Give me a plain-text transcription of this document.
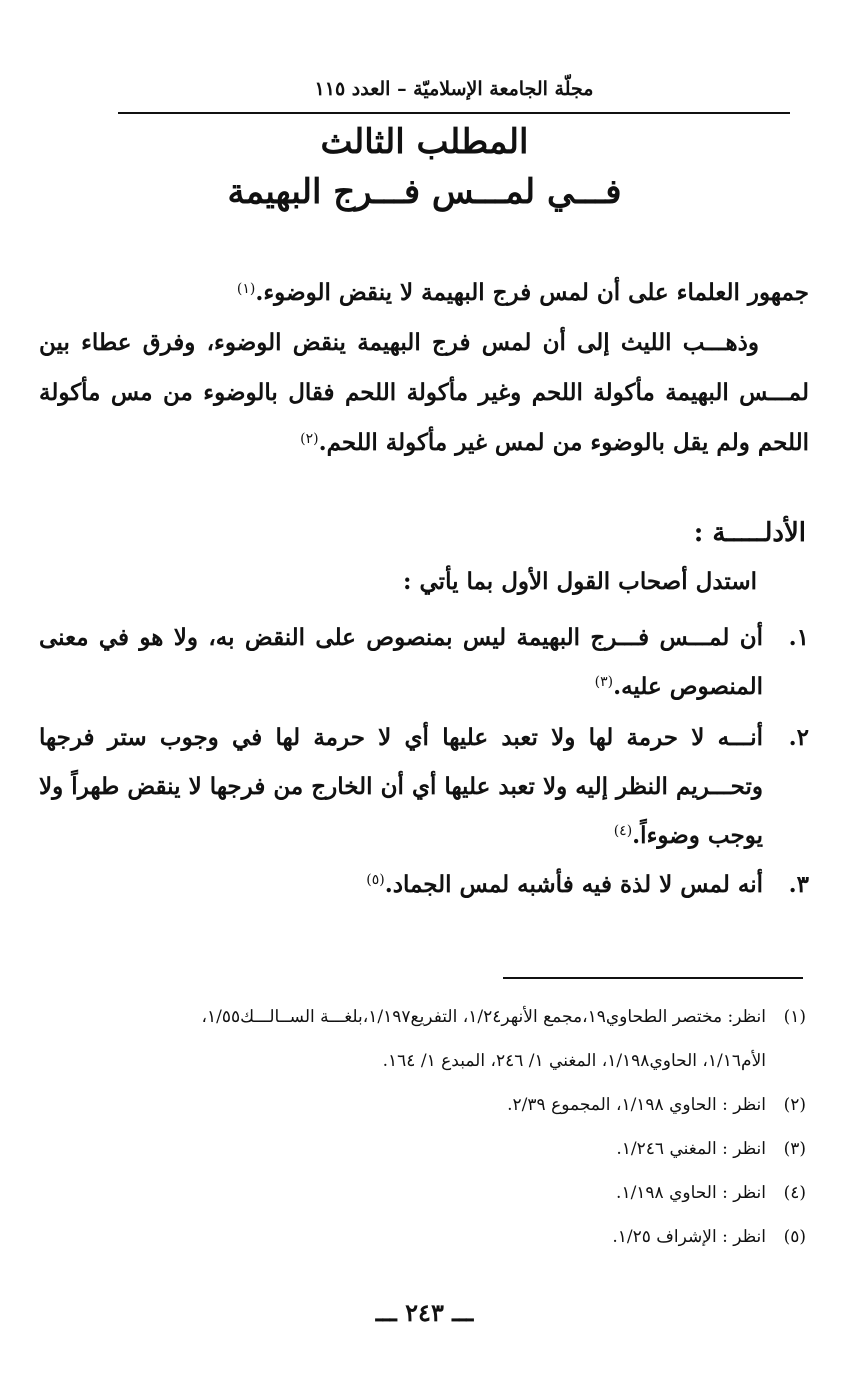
مجلّة الجامعة الإسلاميّة – العدد ١١٥
المطلب الثالث
فـــي لمـــس فـــرج البهيمة
جمهور العلماء على أن لمس فرج البهيمة لا ينقض الوضوء.$^{(١)}$
وذهـــب الليث إلى أن لمس فرج البهيمة ينقض الوضوء، وفرق عطاء بين لمـــس البهيمة مأكولة اللحم وغير مأكولة اللحم فقال بالوضوء من مس مأكولة اللحم ولم يقل بالوضوء من لمس غير مأكولة اللحم.$^{(٢)}$
الأدلـــــة :
استدل أصحاب القول الأول بما يأتي :
١.
أن لمـــس فـــرج البهيمة ليس بمنصوص على النقض به، ولا هو في معنى المنصوص عليه.$^{(٣)}$
٢.
أنـــه لا حرمة لها ولا تعبد عليها أي لا حرمة لها في وجوب ستر فرجها وتحـــريم النظر إليه ولا تعبد عليها أي أن الخارج من فرجها لا ينقض طهراً ولا يوجب وضوءاً.$^{(٤)}$
٣.
أنه لمس لا لذة فيه فأشبه لمس الجماد.$^{(٥)}$
(١)انظر: مختصر الطحاوي١٩،مجمع الأنهر١/٢٤، التفريع١/١٩٧،بلغـــة الســالـــك١/٥٥،
الأم١/١٦، الحاوي١/١٩٨، المغني ١/ ٢٤٦، المبدع ١/ ١٦٤.
(٢)انظر : الحاوي ١/١٩٨، المجموع ٢/٣٩.
(٣)انظر : المغني ١/٢٤٦.
(٤)انظر : الحاوي ١/١٩٨.
(٥)انظر : الإشراف ١/٢٥.
ـــ ٢٤٣ ـــ
